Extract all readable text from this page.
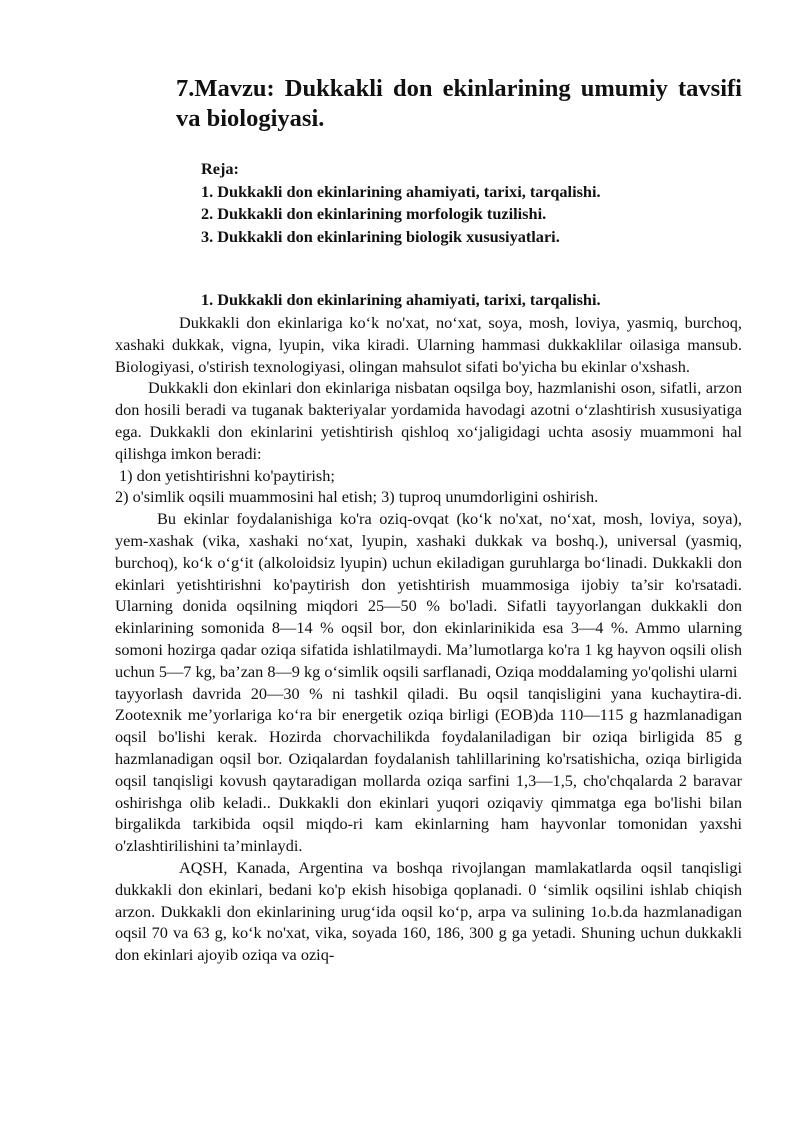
7.Mavzu: Dukkakli don ekinlarining umumiy tavsifi va biologiyasi.
Reja:
1. Dukkakli don ekinlarining ahamiyati, tarixi, tarqalishi.
2. Dukkakli don ekinlarining morfologik tuzilishi.
3. Dukkakli don ekinlarining biologik xususiyatlari.
1. Dukkakli don ekinlarining ahamiyati, tarixi, tarqalishi.

Dukkakli don ekinlariga ko‘k no'xat, no‘xat, soya, mosh, loviya, yasmiq, burchoq, xashaki dukkak, vigna, lyupin, vika kiradi. Ularning hammasi dukkaklilar oilasiga mansub. Biologiyasi, o'stirish texnologiyasi, olingan mahsulot sifati bo'yicha bu ekinlar o'xshash.

Dukkakli don ekinlari don ekinlariga nisbatan oqsilga boy, hazmlanishi oson, sifatli, arzon don hosili beradi va tuganak bakteriyalar yordamida havodagi azotni o‘zlashtirish xususiyatiga ega. Dukkakli don ekinlarini yetishtirish qishloq xo‘jaligidagi uchta asosiy muammoni hal qilishga imkon beradi:

1) don yetishtirishni ko'paytirish;

2) o'simlik oqsili muammosini hal etish; 3) tuproq unumdorligini oshirish.

Bu ekinlar foydalanishiga ko'ra oziq-ovqat (ko‘k no'xat, no‘xat, mosh, loviya, soya), yem-xashak (vika, xashaki no‘xat, lyupin, xashaki dukkak va boshq.), universal (yasmiq, burchoq), ko‘k o‘g‘it (alkoloidsiz lyupin) uchun ekiladigan guruhlarga bo‘linadi. Dukkakli don ekinlari yetishtirishni ko'paytirish don yetishtirish muammosiga ijobiy ta’sir ko'rsatadi. Ularning donida oqsilning miqdori 25—50 % bo'ladi. Sifatli tayyorlangan dukkakli don ekinlarining somonida 8—14 % oqsil bor, don ekinlarinikida esa 3—4 %. Ammo ularning somoni hozirga qadar oziqa sifatida ishlatilmaydi. Ma’lumotlarga ko'ra 1 kg hayvon oqsili olish uchun 5—7 kg, ba’zan 8—9 kg o‘simlik oqsili sarflanadi, Oziqa moddalaming yo'qolishi ularni

tayyorlash davrida 20—30 % ni tashkil qiladi. Bu oqsil tanqisligini yana kuchaytira-di. Zootexnik me’yorlariga ko‘ra bir energetik oziqa birligi (EOB)da 110—115 g hazmlanadigan oqsil bo'lishi kerak. Hozirda chorvachilikda foydalaniladigan bir oziqa birligida 85 g hazmlanadigan oqsil bor. Oziqalardan foydalanish tahlillarining ko'rsatishicha, oziqa birligida oqsil tanqisligi kovush qaytaradigan mollarda oziqa sarfini 1,3—1,5, cho'chqalarda 2 baravar oshirishga olib keladi.. Dukkakli don ekinlari yuqori oziqaviy qimmatga ega bo'lishi bilan birgalikda tarkibida oqsil miqdo-ri kam ekinlarning ham hayvonlar tomonidan yaxshi o'zlashtirilishini ta’minlaydi.

AQSH, Kanada, Argentina va boshqa rivojlangan mamlakatlarda oqsil tanqisligi dukkakli don ekinlari, bedani ko'p ekish hisobiga qoplanadi. 0 ‘simlik oqsilini ishlab chiqish arzon. Dukkakli don ekinlarining urug‘ida oqsil ko‘p, arpa va sulining 1o.b.da hazmlanadigan oqsil 70 va 63 g, ko‘k no'xat, vika, soyada 160, 186, 300 g ga yetadi. Shuning uchun dukkakli don ekinlari ajoyib oziqa va oziq-
